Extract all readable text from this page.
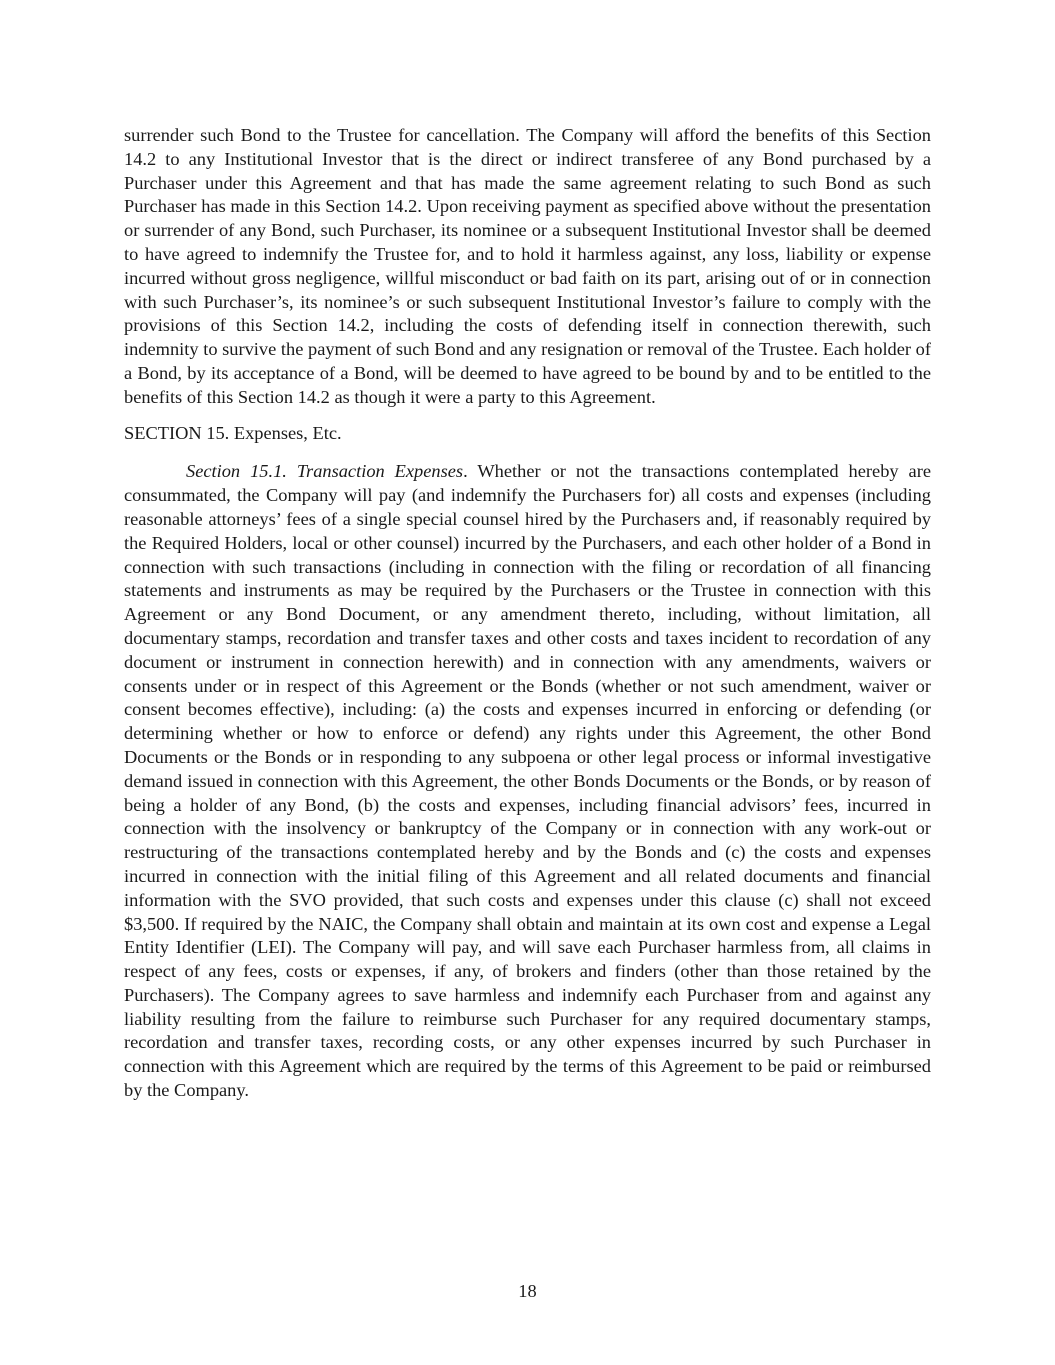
surrender such Bond to the Trustee for cancellation. The Company will afford the benefits of this Section 14.2 to any Institutional Investor that is the direct or indirect transferee of any Bond purchased by a Purchaser under this Agreement and that has made the same agreement relating to such Bond as such Purchaser has made in this Section 14.2. Upon receiving payment as specified above without the presentation or surrender of any Bond, such Purchaser, its nominee or a subsequent Institutional Investor shall be deemed to have agreed to indemnify the Trustee for, and to hold it harmless against, any loss, liability or expense incurred without gross negligence, willful misconduct or bad faith on its part, arising out of or in connection with such Purchaser’s, its nominee’s or such subsequent Institutional Investor’s failure to comply with the provisions of this Section 14.2, including the costs of defending itself in connection therewith, such indemnity to survive the payment of such Bond and any resignation or removal of the Trustee. Each holder of a Bond, by its acceptance of a Bond, will be deemed to have agreed to be bound by and to be entitled to the benefits of this Section 14.2 as though it were a party to this Agreement.

SECTION 15. Expenses, Etc.

Section 15.1. Transaction Expenses. Whether or not the transactions contemplated hereby are consummated, the Company will pay (and indemnify the Purchasers for) all costs and expenses (including reasonable attorneys’ fees of a single special counsel hired by the Purchasers and, if reasonably required by the Required Holders, local or other counsel) incurred by the Purchasers, and each other holder of a Bond in connection with such transactions (including in connection with the filing or recordation of all financing statements and instruments as may be required by the Purchasers or the Trustee in connection with this Agreement or any Bond Document, or any amendment thereto, including, without limitation, all documentary stamps, recordation and transfer taxes and other costs and taxes incident to recordation of any document or instrument in connection herewith) and in connection with any amendments, waivers or consents under or in respect of this Agreement or the Bonds (whether or not such amendment, waiver or consent becomes effective), including: (a) the costs and expenses incurred in enforcing or defending (or determining whether or how to enforce or defend) any rights under this Agreement, the other Bond Documents or the Bonds or in responding to any subpoena or other legal process or informal investigative demand issued in connection with this Agreement, the other Bonds Documents or the Bonds, or by reason of being a holder of any Bond, (b) the costs and expenses, including financial advisors’ fees, incurred in connection with the insolvency or bankruptcy of the Company or in connection with any work-out or restructuring of the transactions contemplated hereby and by the Bonds and (c) the costs and expenses incurred in connection with the initial filing of this Agreement and all related documents and financial information with the SVO provided, that such costs and expenses under this clause (c) shall not exceed $3,500. If required by the NAIC, the Company shall obtain and maintain at its own cost and expense a Legal Entity Identifier (LEI). The Company will pay, and will save each Purchaser harmless from, all claims in respect of any fees, costs or expenses, if any, of brokers and finders (other than those retained by the Purchasers). The Company agrees to save harmless and indemnify each Purchaser from and against any liability resulting from the failure to reimburse such Purchaser for any required documentary stamps, recordation and transfer taxes, recording costs, or any other expenses incurred by such Purchaser in connection with this Agreement which are required by the terms of this Agreement to be paid or reimbursed by the Company.

18
